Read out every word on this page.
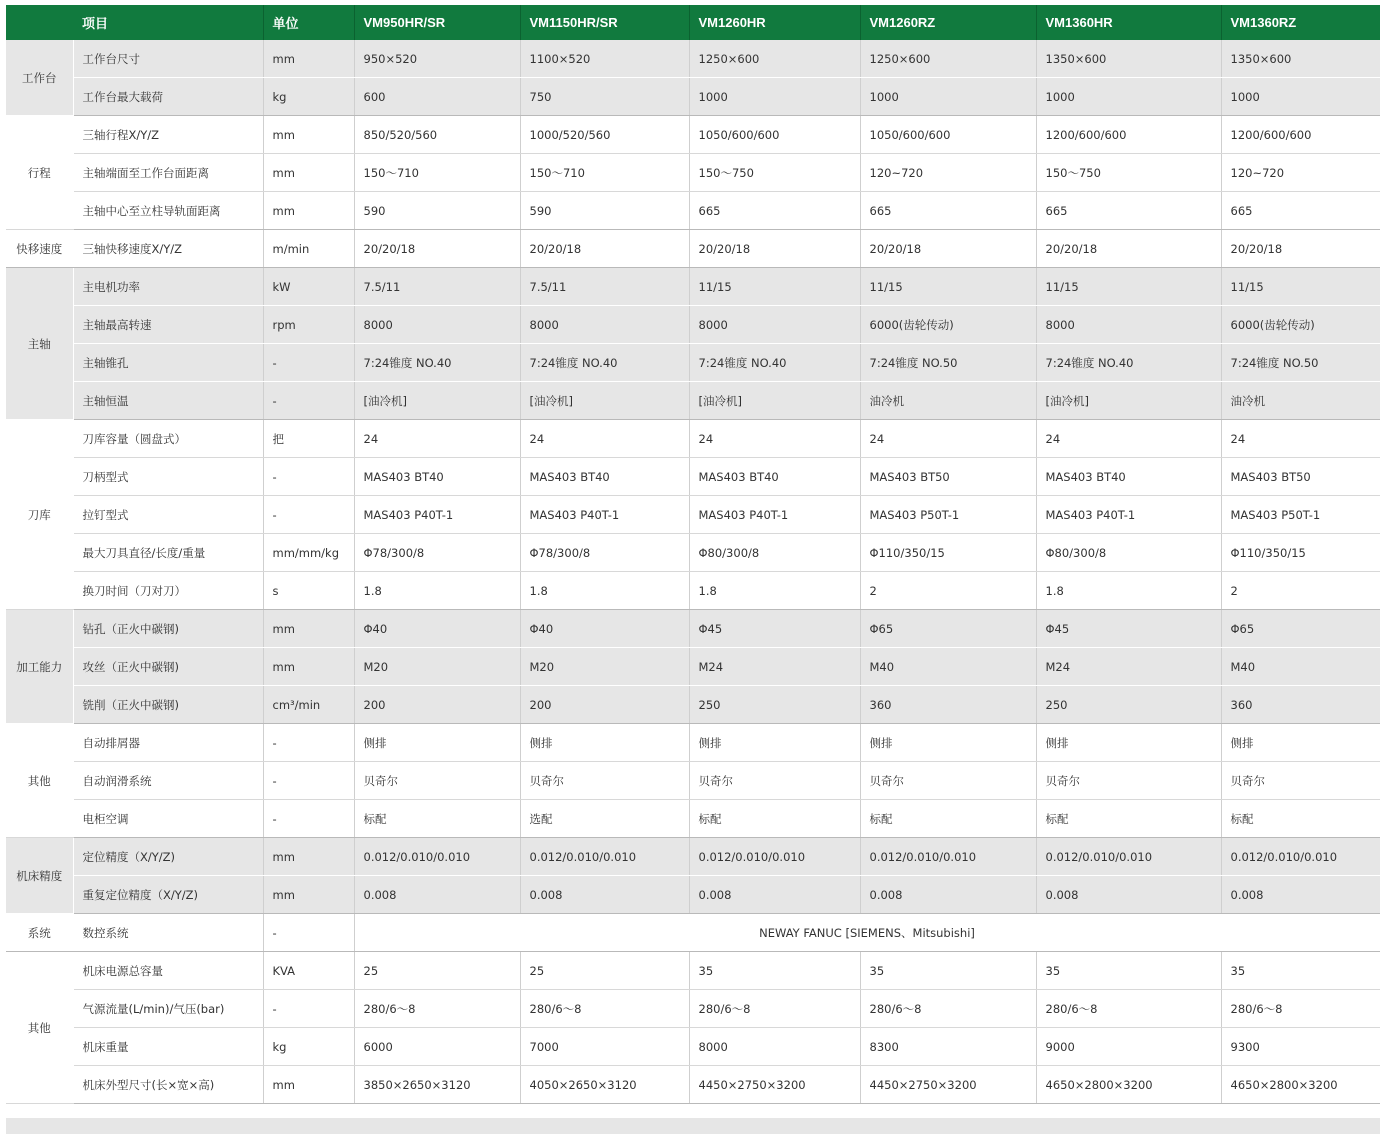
	项目	单位	VM950HR/SR	VM1150HR/SR	VM1260HR	VM1260RZ	VM1360HR	VM1360RZ
工作台	工作台尺寸	mm	950×520	1100×520	1250×600	1250×600	1350×600	1350×600
	工作台最大载荷	kg	600	750	1000	1000	1000	1000
行程	三轴行程X/Y/Z	mm	850/520/560	1000/520/560	1050/600/600	1050/600/600	1200/600/600	1200/600/600
	主轴端面至工作台面距离	mm	150～710	150～710	150～750	120~720	150～750	120~720
	主轴中心至立柱导轨面距离	mm	590	590	665	665	665	665
快移速度	三轴快移速度X/Y/Z	m/min	20/20/18	20/20/18	20/20/18	20/20/18	20/20/18	20/20/18
主轴	主电机功率	kW	7.5/11	7.5/11	11/15	11/15	11/15	11/15
	主轴最高转速	rpm	8000	8000	8000	6000(齿轮传动)	8000	6000(齿轮传动)
	主轴锥孔	-	7:24锥度 NO.40	7:24锥度 NO.40	7:24锥度 NO.40	7:24锥度 NO.50	7:24锥度 NO.40	7:24锥度 NO.50
	主轴恒温	-	[油冷机]	[油冷机]	[油冷机]	油冷机	[油冷机]	油冷机
刀库	刀库容量（圆盘式）	把	24	24	24	24	24	24
	刀柄型式	-	MAS403 BT40	MAS403 BT40	MAS403 BT40	MAS403 BT50	MAS403 BT40	MAS403 BT50
	拉钉型式	-	MAS403 P40T-1	MAS403 P40T-1	MAS403 P40T-1	MAS403 P50T-1	MAS403 P40T-1	MAS403 P50T-1
	最大刀具直径/长度/重量	mm/mm/kg	Φ78/300/8	Φ78/300/8	Φ80/300/8	Φ110/350/15	Φ80/300/8	Φ110/350/15
	换刀时间（刀对刀）	s	1.8	1.8	1.8	2	1.8	2
加工能力	钻孔（正火中碳钢)	mm	Φ40	Φ40	Φ45	Φ65	Φ45	Φ65
	攻丝（正火中碳钢)	mm	M20	M20	M24	M40	M24	M40
	铣削（正火中碳钢)	cm³/min	200	200	250	360	250	360
其他	自动排屑器	-	侧排	侧排	侧排	侧排	侧排	侧排
	自动润滑系统	-	贝奇尔	贝奇尔	贝奇尔	贝奇尔	贝奇尔	贝奇尔
	电柜空调	-	标配	选配	标配	标配	标配	标配
机床精度	定位精度（X/Y/Z)	mm	0.012/0.010/0.010	0.012/0.010/0.010	0.012/0.010/0.010	0.012/0.010/0.010	0.012/0.010/0.010	0.012/0.010/0.010
	重复定位精度（X/Y/Z)	mm	0.008	0.008	0.008	0.008	0.008	0.008
系统	数控系统	-	NEWAY FANUC [SIEMENS、Mitsubishi]					
其他	机床电源总容量	KVA	25	25	35	35	35	35
	气源流量(L/min)/气压(bar)	-	280/6～8	280/6～8	280/6～8	280/6～8	280/6～8	280/6～8
	机床重量	kg	6000	7000	8000	8300	9000	9300
	机床外型尺寸(长×宽×高)	mm	3850×2650×3120	4050×2650×3120	4450×2750×3200	4450×2750×3200	4650×2800×3200	4650×2800×3200
